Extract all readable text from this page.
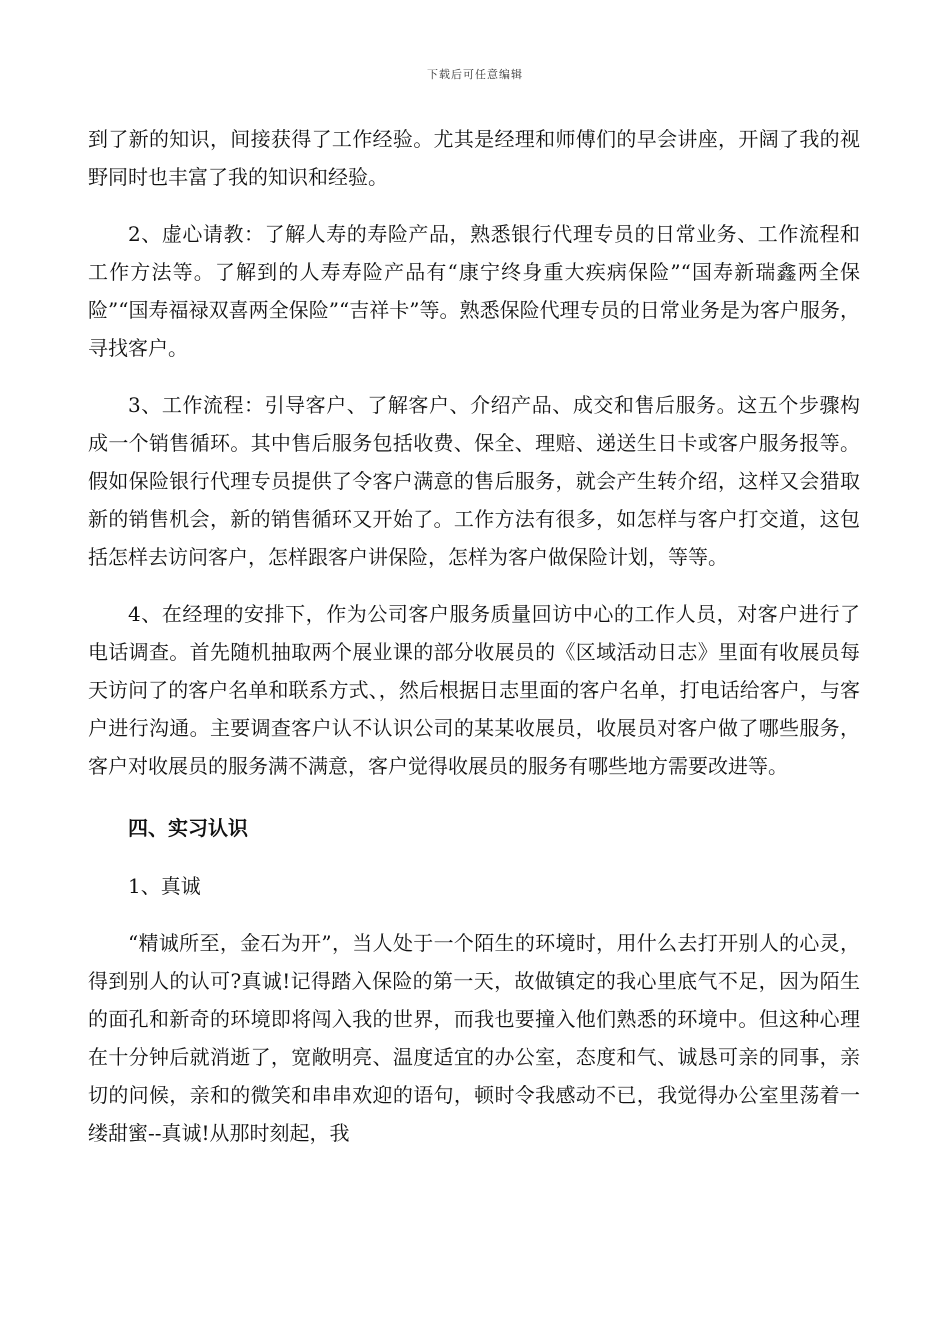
下载后可任意编辑

到了新的知识，间接获得了工作经验。尤其是经理和师傅们的早会讲座，开阔了我的视野同时也丰富了我的知识和经验。

2、虚心请教：了解人寿的寿险产品，熟悉银行代理专员的日常业务、工作流程和工作方法等。了解到的人寿寿险产品有“康宁终身重大疾病保险”“国寿新瑞鑫两全保险”“国寿福禄双喜两全保险”“吉祥卡”等。熟悉保险代理专员的日常业务是为客户服务，寻找客户。

3、工作流程：引导客户、了解客户、介绍产品、成交和售后服务。这五个步骤构成一个销售循环。其中售后服务包括收费、保全、理赔、递送生日卡或客户服务报等。假如保险银行代理专员提供了令客户满意的售后服务，就会产生转介绍，这样又会猎取新的销售机会，新的销售循环又开始了。工作方法有很多，如怎样与客户打交道，这包括怎样去访问客户，怎样跟客户讲保险，怎样为客户做保险计划，等等。

4、在经理的安排下，作为公司客户服务质量回访中心的工作人员，对客户进行了电话调查。首先随机抽取两个展业课的部分收展员的《区域活动日志》里面有收展员每天访问了的客户名单和联系方式、，然后根据日志里面的客户名单，打电话给客户，与客户进行沟通。主要调查客户认不认识公司的某某收展员，收展员对客户做了哪些服务，客户对收展员的服务满不满意，客户觉得收展员的服务有哪些地方需要改进等。

四、实习认识

1、真诚

“精诚所至，金石为开”，当人处于一个陌生的环境时，用什么去打开别人的心灵，得到别人的认可?真诚!记得踏入保险的第一天，故做镇定的我心里底气不足，因为陌生的面孔和新奇的环境即将闯入我的世界，而我也要撞入他们熟悉的环境中。但这种心理在十分钟后就消逝了，宽敞明亮、温度适宜的办公室，态度和气、诚恳可亲的同事，亲切的问候，亲和的微笑和串串欢迎的语句，顿时令我感动不已，我觉得办公室里荡着一缕甜蜜--真诚!从那时刻起，我
